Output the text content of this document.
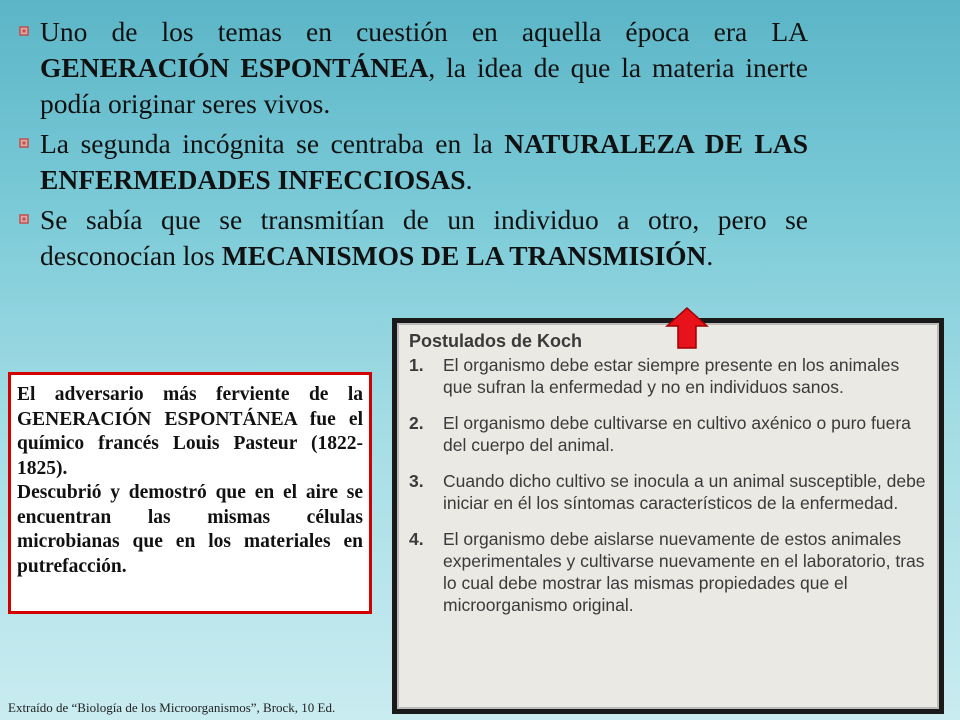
Uno de los temas en cuestión en aquella época era LA GENERACIÓN ESPONTÁNEA, la idea de que la materia inerte podía originar seres vivos.
La segunda incógnita se centraba en la NATURALEZA DE LAS ENFERMEDADES INFECCIOSAS.
Se sabía que se transmitían de un individuo a otro, pero se desconocían los MECANISMOS DE LA TRANSMISIÓN.

El adversario más ferviente de la GENERACIÓN ESPONTÁNEA fue el químico francés Louis Pasteur (1822-1825).

Descubrió y demostró que en el aire se encuentran las mismas células microbianas que en los materiales en putrefacción.

Postulados de Koch
1. El organismo debe estar siempre presente en los animales que sufran la enfermedad y no en individuos sanos.
2. El organismo debe cultivarse en cultivo axénico o puro fuera del cuerpo del animal.
3. Cuando dicho cultivo se inocula a un animal susceptible, debe iniciar en él los síntomas característicos de la enfermedad.
4. El organismo debe aislarse nuevamente de estos animales experimentales y cultivarse nuevamente en el laboratorio, tras lo cual debe mostrar las mismas propiedades que el microorganismo original.
Extraído de “Biología de los Microorganismos”, Brock, 10 Ed.
